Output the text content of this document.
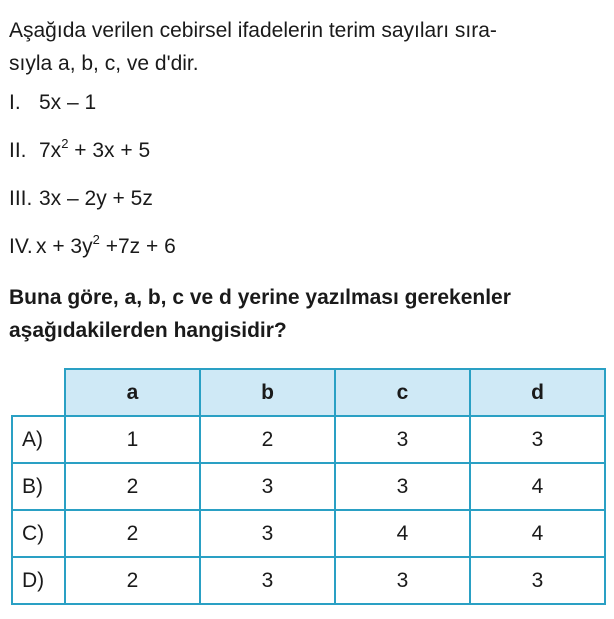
Aşağıda verilen cebirsel ifadelerin terim sayıları sıra-
sıyla a, b, c, ve d'dir.
I. 5x – 1
II. $7x^2 + 3x + 5$
III. 3x – 2y + 5z
IV. $x + 3y^2 +7z + 6$
Buna göre, a, b, c ve d yerine yazılması gerekenler
aşağıdakilerden hangisidir?
	a	b	c	d
A)	1	2	3	3
B)	2	3	3	4
C)	2	3	4	4
D)	2	3	3	3
